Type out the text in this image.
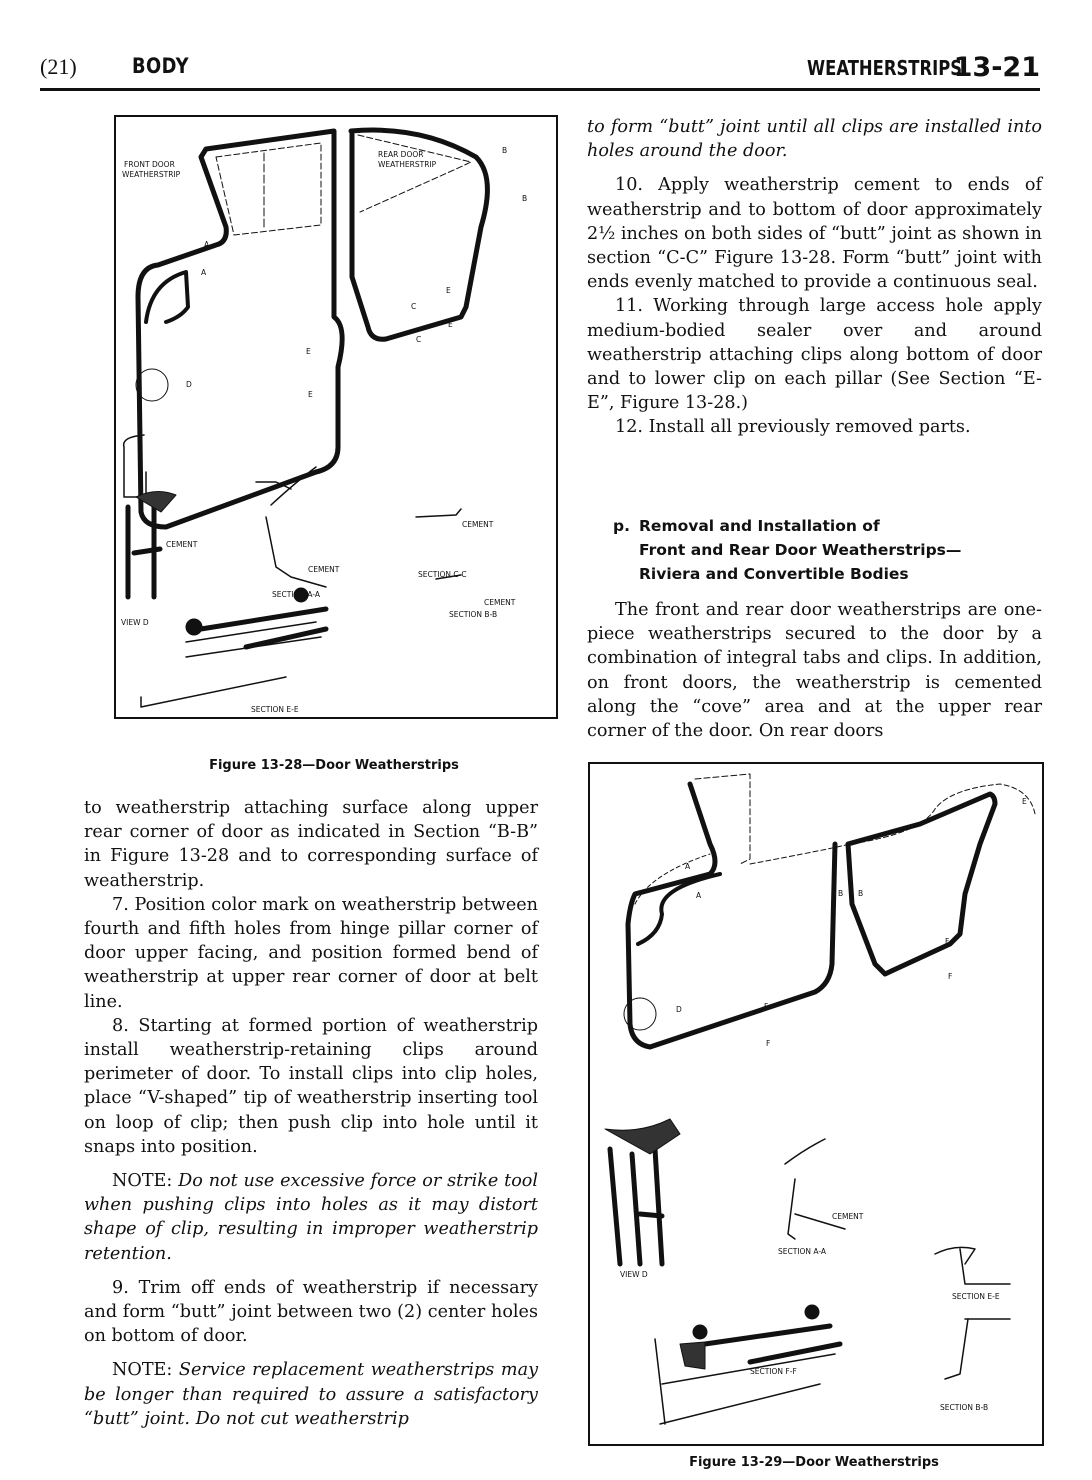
(21)	BODY	WEATHERSTRIPS
13-21
FRONT DOOR
WEATHERSTRIP
REAR DOOR
WEATHERSTRIP
A
A
B
B
C
C
E
E
E
E
D
CEMENT
VIEW D
CEMENT
SECTION A-A
CEMENT
SECTION C-C
CEMENT
SECTION B-B
SECTION E-E
Figure 13-28—Door Weatherstrips

to weatherstrip attaching surface along upper rear corner of door as indicated in Section “B-B” in Figure 13-28 and to corresponding surface of weatherstrip.

7. Position color mark on weatherstrip between fourth and fifth holes from hinge pillar corner of door upper facing, and position formed bend of weatherstrip at upper rear corner of door at belt line.

8. Starting at formed portion of weatherstrip install weatherstrip-retaining clips around perimeter of door. To install clips into clip holes, place “V-shaped” tip of weatherstrip inserting tool on loop of clip; then push clip into hole until it snaps into position.

NOTE: Do not use excessive force or strike tool when pushing clips into holes as it may distort shape of clip, resulting in improper weatherstrip retention.

9. Trim off ends of weatherstrip if necessary and form “butt” joint between two (2) center holes on bottom of door.

NOTE: Service replacement weatherstrips may be longer than required to assure a satisfactory “butt” joint. Do not cut weatherstrip

to form “butt” joint until all clips are installed into holes around the door.

10. Apply weatherstrip cement to ends of weatherstrip and to bottom of door approximately 2½ inches on both sides of “butt” joint as shown in section “C-C” Figure 13-28. Form “butt” joint with ends evenly matched to provide a continuous seal.

11. Working through large access hole apply medium-bodied sealer over and around weatherstrip attaching clips along bottom of door and to lower clip on each pillar (See Section “E-E”, Figure 13-28.)

12. Install all previously removed parts.

p. Removal and Installation of
Front and Rear Door Weatherstrips—
Riviera and Convertible Bodies

The front and rear door weatherstrips are one-piece weatherstrips secured to the door by a combination of integral tabs and clips. In addition, on front doors, the weatherstrip is cemented along the “cove” area and at the upper rear corner of the door. On rear doors

A
A	B B
E
F
F
F
F
D
VIEW D
CEMENT
SECTION A-A
SECTION E-E
SECTION F-F
SECTION B-B
Figure 13-29—Door Weatherstrips
